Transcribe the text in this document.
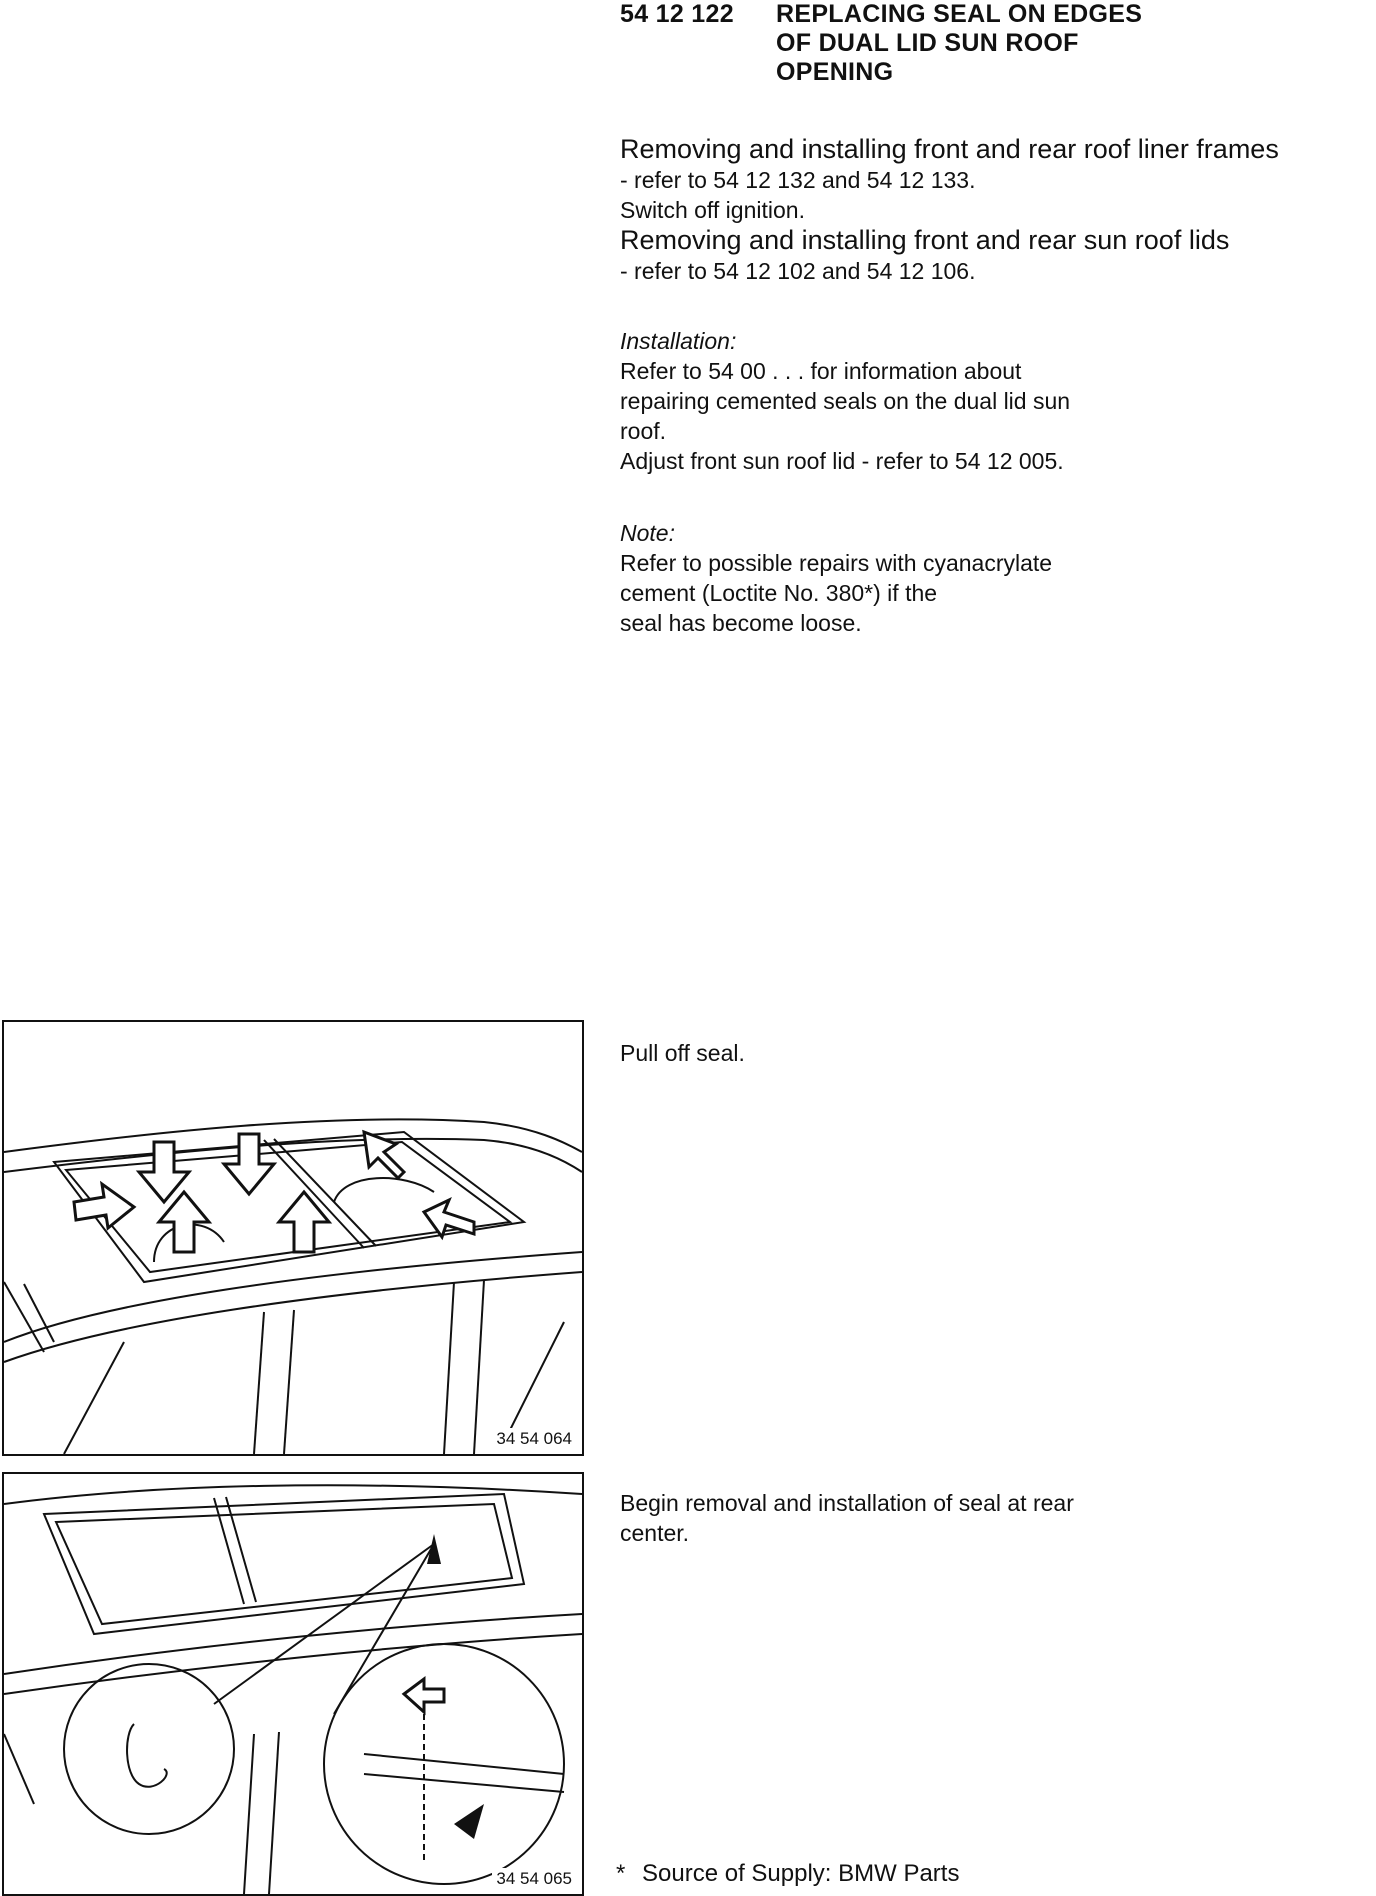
54 12 122 REPLACING SEAL ON EDGES
OF DUAL LID SUN ROOF
OPENING
Removing and installing front and rear roof liner frames
- refer to 54 12 132 and 54 12 133.
Switch off ignition.
Removing and installing front and rear sun roof lids
- refer to 54 12 102 and 54 12 106.
Installation:
Refer to 54 00 . . . for information about
repairing cemented seals on the dual lid sun
roof.
Adjust front sun roof lid - refer to 54 12 005.
Note:
Refer to possible repairs with cyanacrylate
cement (Loctite No. 380*) if the
seal has become loose.
34 54 064
Pull off seal.
34 54 065
Begin removal and installation of seal at rear
center.
* Source of Supply: BMW Parts
